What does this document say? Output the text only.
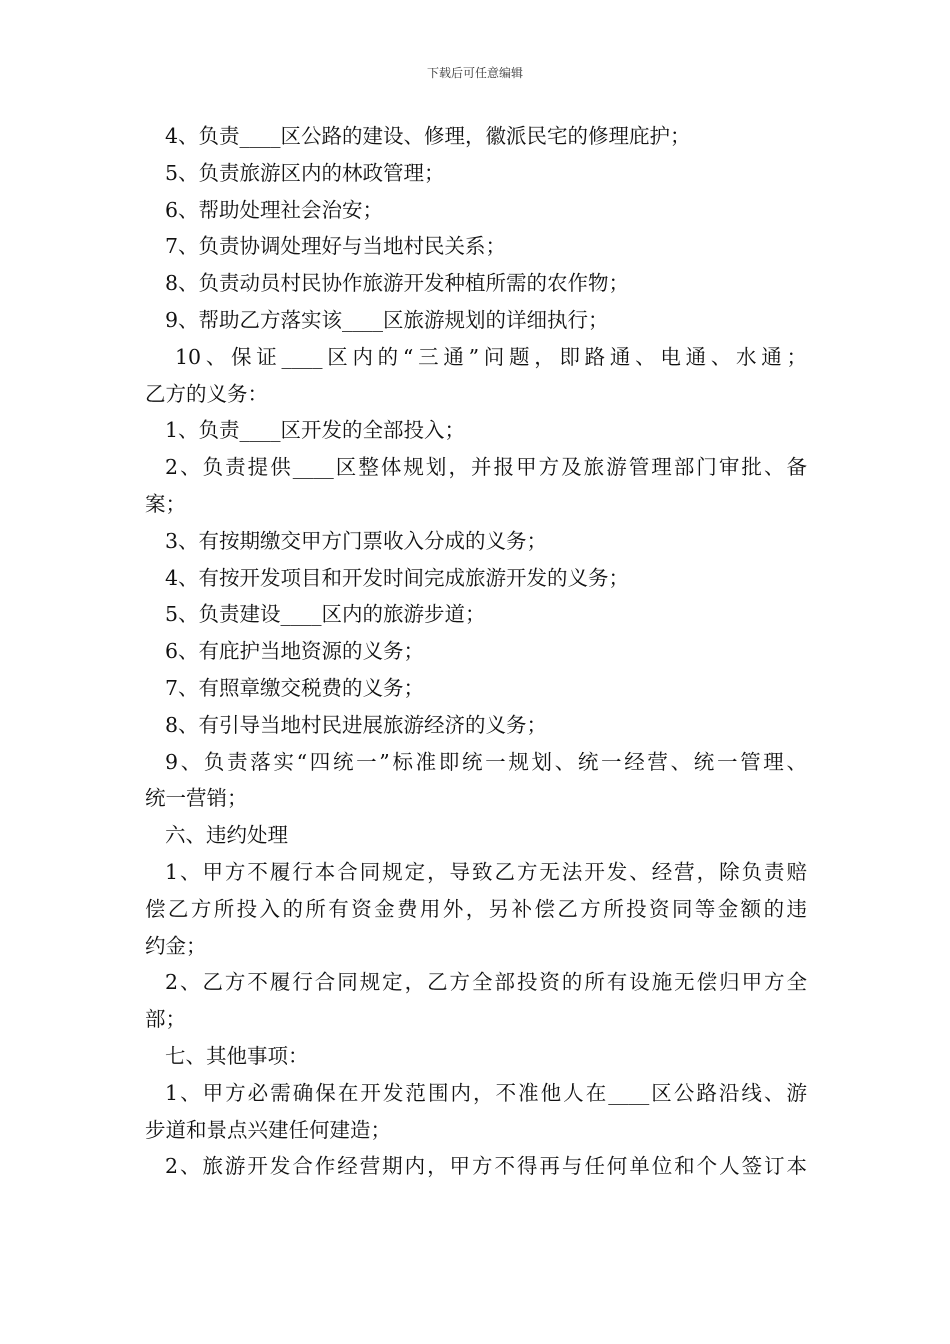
下载后可任意编辑
4、负责____区公路的建设、修理，徽派民宅的修理庇护；
5、负责旅游区内的林政管理；
6、帮助处理社会治安；
7、负责协调处理好与当地村民关系；
8、负责动员村民协作旅游开发种植所需的农作物；
9、帮助乙方落实该____区旅游规划的详细执行；
10、保证____区内的“三通”问题，即路通、电通、水通；
乙方的义务：
1、负责____区开发的全部投入；
2、负责提供____区整体规划，并报甲方及旅游管理部门审批、备
案；
3、有按期缴交甲方门票收入分成的义务；
4、有按开发项目和开发时间完成旅游开发的义务；
5、负责建设____区内的旅游步道；
6、有庇护当地资源的义务；
7、有照章缴交税费的义务；
8、有引导当地村民进展旅游经济的义务；
9、负责落实“四统一”标准即统一规划、统一经营、统一管理、
统一营销；
六、违约处理
1、甲方不履行本合同规定，导致乙方无法开发、经营，除负责赔
偿乙方所投入的所有资金费用外，另补偿乙方所投资同等金额的违
约金；
2、乙方不履行合同规定，乙方全部投资的所有设施无偿归甲方全
部；
七、其他事项：
1、甲方必需确保在开发范围内，不准他人在____区公路沿线、游
步道和景点兴建任何建造；
2、旅游开发合作经营期内，甲方不得再与任何单位和个人签订本
